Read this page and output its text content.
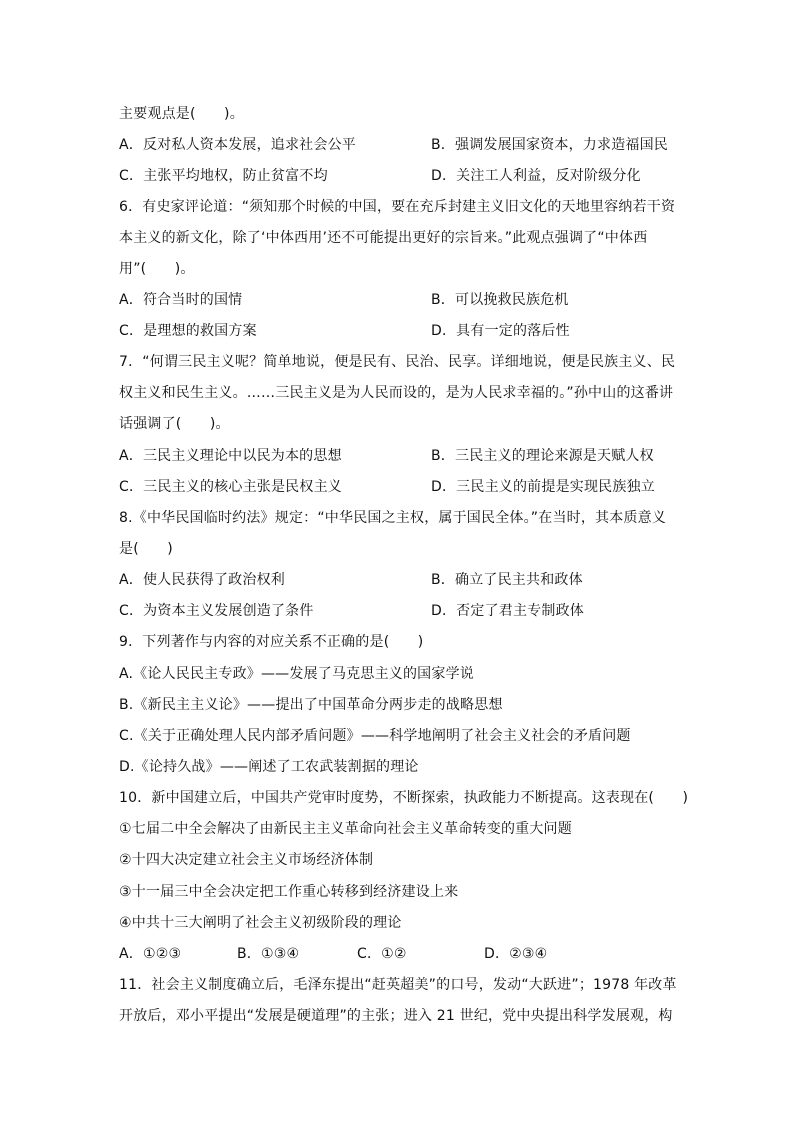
主要观点是(　　)。
A．反对私人资本发展，追求社会公平	B．强调发展国家资本，力求造福国民
C．主张平均地权，防止贫富不均	D．关注工人利益，反对阶级分化
6．有史家评论道：“须知那个时候的中国，要在充斥封建主义旧文化的天地里容纳若干资
本主义的新文化，除了‘中体西用’还不可能提出更好的宗旨来。”此观点强调了“中体西
用”(　　)。
A．符合当时的国情	B．可以挽救民族危机
C．是理想的救国方案	D．具有一定的落后性
7．“何谓三民主义呢？简单地说，便是民有、民治、民享。详细地说，便是民族主义、民
权主义和民生主义。……三民主义是为人民而设的，是为人民求幸福的。”孙中山的这番讲
话强调了(　　)。
A．三民主义理论中以民为本的思想	B．三民主义的理论来源是天赋人权
C．三民主义的核心主张是民权主义	D．三民主义的前提是实现民族独立
8.《中华民国临时约法》规定：“中华民国之主权，属于国民全体。”在当时，其本质意义
是(　　)
A．使人民获得了政治权利	B．确立了民主共和政体
C．为资本主义发展创造了条件	D．否定了君主专制政体
9．下列著作与内容的对应关系不正确的是(　　)
A.《论人民民主专政》——发展了马克思主义的国家学说
B.《新民主主义论》——提出了中国革命分两步走的战略思想
C.《关于正确处理人民内部矛盾问题》——科学地阐明了社会主义社会的矛盾问题
D.《论持久战》——阐述了工农武装割据的理论
10．新中国建立后，中国共产党审时度势，不断探索，执政能力不断提高。这表现在(　　)
①七届二中全会解决了由新民主主义革命向社会主义革命转变的重大问题
②十四大决定建立社会主义市场经济体制
③十一届三中全会决定把工作重心转移到经济建设上来
④中共十三大阐明了社会主义初级阶段的理论
A．①②③	B．①③④	C．①②	D．②③④
11．社会主义制度确立后，毛泽东提出“赶英超美”的口号，发动“大跃进”；1978 年改革
开放后，邓小平提出“发展是硬道理”的主张；进入 21 世纪，党中央提出科学发展观，构
